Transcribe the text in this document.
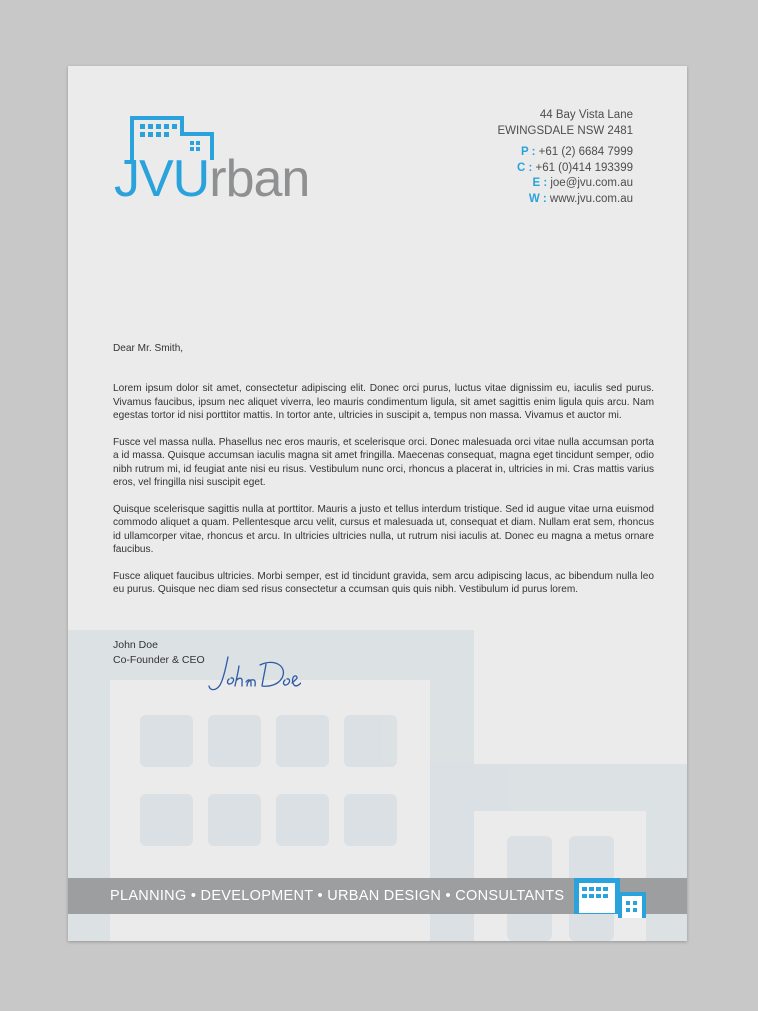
JVUrban
44 Bay Vista Lane
EWINGSDALE NSW 2481
P : +61 (2) 6684 7999
C : +61 (0)414 193399
E : joe@jvu.com.au
W : www.jvu.com.au
Dear Mr. Smith,

Lorem ipsum dolor sit amet, consectetur adipiscing elit. Donec orci purus, luctus vitae dignissim eu, iaculis sed purus. Vivamus faucibus, ipsum nec aliquet viverra, leo mauris condimentum ligula, sit amet sagittis enim ligula quis arcu. Nam egestas tortor id nisi porttitor mattis. In tortor ante, ultricies in suscipit a, tempus non massa. Vivamus et auctor mi.

Fusce vel massa nulla. Phasellus nec eros mauris, et scelerisque orci. Donec malesuada orci vitae nulla accumsan porta a id massa. Quisque accumsan iaculis magna sit amet fringilla. Maecenas consequat, magna eget tincidunt semper, odio nibh rutrum mi, id feugiat ante nisi eu risus. Vestibulum nunc orci, rhoncus a placerat in, ultricies in mi. Cras mattis varius eros, vel fringilla nisi suscipit eget.

Quisque scelerisque sagittis nulla at porttitor. Mauris a justo et tellus interdum tristique. Sed id augue vitae urna euismod commodo aliquet a quam. Pellentesque arcu velit, cursus et malesuada ut, consequat et diam. Nullam erat sem, rhoncus id ullamcorper vitae, rhoncus et arcu. In ultricies ultricies nulla, ut rutrum nisi iaculis at. Donec eu magna a metus ornare faucibus.

Fusce aliquet faucibus ultricies. Morbi semper, est id tincidunt gravida, sem arcu adipiscing lacus, ac bibendum nulla leo eu purus. Quisque nec diam sed risus consectetur a ccumsan quis quis nibh. Vestibulum id purus lorem.

John Doe
Co-Founder & CEO
PLANNING • DEVELOPMENT • URBAN DESIGN • CONSULTANTS
